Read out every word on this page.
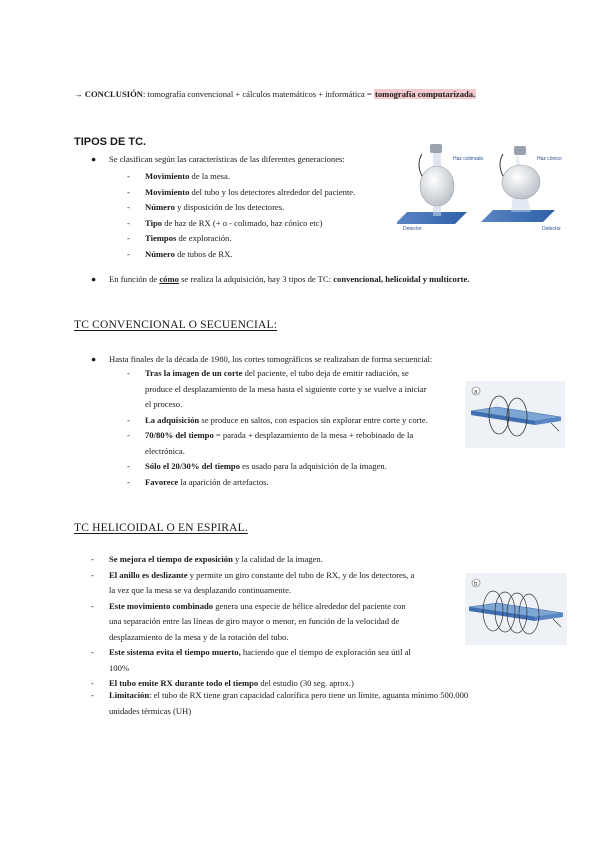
→ CONCLUSIÓN: tomografía convencional + cálculos matemáticos + informática = tomografía computarizada.
TIPOS DE TC.
● Se clasifican según las características de las diferentes generaciones:
- Movimiento de la mesa.
- Movimiento del tubo y los detectores alrededor del paciente.
- Número y disposición de los detectores.
- Tipo de haz de RX (+ o - colimado, haz cónico etc)
- Tiempos de exploración.
- Número de tubos de RX.
Haz colimado
Detector
Haz cónico
Detector
● En función de cómo se realiza la adquisición, hay 3 tipos de TC: convencional, helicoidal y multicorte.
TC CONVENCIONAL O SECUENCIAL:
● Hasta finales de la década de 1980, los cortes tomográficos se realizaban de forma secuencial:
- Tras la imagen de un corte del paciente, el tubo deja de emitir radiación, se
produce el desplazamiento de la mesa hasta el siguiente corte y se vuelve a iniciar
el proceso.
- La adquisición se produce en saltos, con espacios sin explorar entre corte y corte.
- 70/80% del tiempo = parada + desplazamiento de la mesa + rebobinado de la
electrónica.
- Sólo el 20/30% del tiempo es usado para la adquisición de la imagen.
- Favorece la aparición de artefactos.
a
TC HELICOIDAL O EN ESPIRAL.
- Se mejora el tiempo de exposición y la calidad de la imagen.
- El anillo es deslizante y permite un giro constante del tubo de RX, y de los detectores, a
la vez que la mesa se va desplazando continuamente.
- Este movimiento combinado genera una especie de hélice alrededor del paciente con
una separación entre las líneas de giro mayor o menor, en función de la velocidad de
desplazamiento de la mesa y de la rotación del tubo.
- Este sistema evita el tiempo muerto, haciendo que el tiempo de exploración sea útil al
100%
- El tubo emite RX durante todo el tiempo del estudio (30 seg. aprox.)
- Limitación: el tubo de RX tiene gran capacidad calorífica pero tiene un límite, aguanta mínimo 500.000
unidades térmicas (UH)
b
